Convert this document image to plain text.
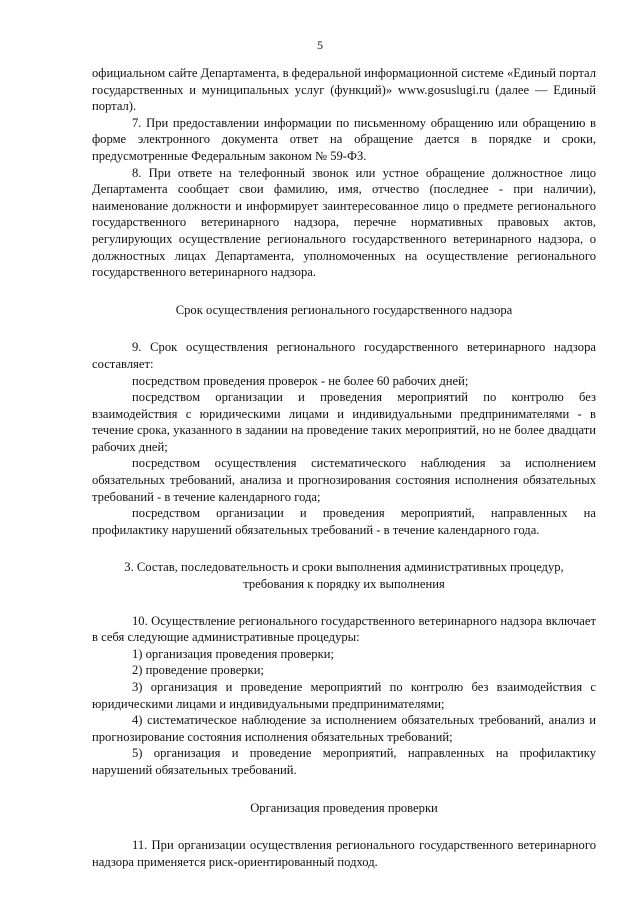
5

официальном сайте Департамента, в федеральной информационной системе «Единый портал государственных и муниципальных услуг (функций)» www.gosuslugi.ru (далее — Единый портал).

7. При предоставлении информации по письменному обращению или обращению в форме электронного документа ответ на обращение дается в порядке и сроки, предусмотренные Федеральным законом № 59-ФЗ.

8. При ответе на телефонный звонок или устное обращение должностное лицо Департамента сообщает свои фамилию, имя, отчество (последнее - при наличии), наименование должности и информирует заинтересованное лицо о предмете регионального государственного ветеринарного надзора, перечне нормативных правовых актов, регулирующих осуществление регионального государственного ветеринарного надзора, о должностных лицах Департамента, уполномоченных на осуществление регионального государственного ветеринарного надзора.

Срок осуществления регионального государственного надзора

9. Срок осуществления регионального государственного ветеринарного надзора составляет:

посредством проведения проверок - не более 60 рабочих дней;

посредством организации и проведения мероприятий по контролю без взаимодействия с юридическими лицами и индивидуальными предпринимателями - в течение срока, указанного в задании на проведение таких мероприятий, но не более двадцати рабочих дней;

посредством осуществления систематического наблюдения за исполнением обязательных требований, анализа и прогнозирования состояния исполнения обязательных требований - в течение календарного года;

посредством организации и проведения мероприятий, направленных на профилактику нарушений обязательных требований - в течение календарного года.

3. Состав, последовательность и сроки выполнения административных процедур,

требования к порядку их выполнения

10. Осуществление регионального государственного ветеринарного надзора включает в себя следующие административные процедуры:

1) организация проведения проверки;

2) проведение проверки;

3) организация и проведение мероприятий по контролю без взаимодействия с юридическими лицами и индивидуальными предпринимателями;

4) систематическое наблюдение за исполнением обязательных требований, анализ и прогнозирование состояния исполнения обязательных требований;

5) организация и проведение мероприятий, направленных на профилактику нарушений обязательных требований.

Организация проведения проверки

11. При организации осуществления регионального государственного ветеринарного надзора применяется риск-ориентированный подход.
